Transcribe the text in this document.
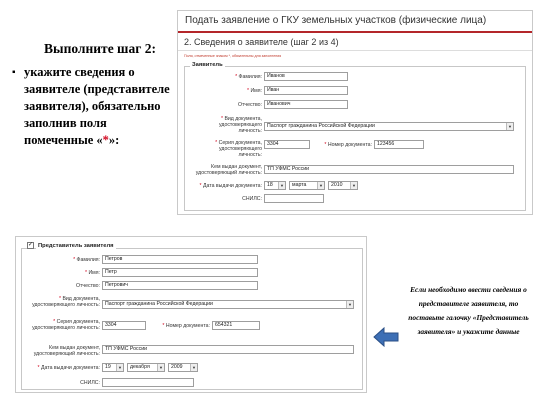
Выполните шаг 2:
▪ укажите сведения о заявителе (представителе заявителя), обязательно заполнив поля помеченные «*»:
Подать заявление о ГКУ земельных участков (физические лица)
2. Сведения о заявителе (шаг 2 из 4)
Поля, отмеченные знаком *, обязательны для заполнения
Заявитель
* Фамилия: Иванов
* Имя: Иван
Отчество: Иванович
* Вид документа, удостоверяющего личность:
Паспорт гражданина Российской Федерации	▼
* Серия документа, удостоверяющего личность:
3304	* Номер документа: 123456
Кем выдан документ, удостоверяющий личность:
ТП УФМС России
* Дата выдачи документа: 18	▼	марта	▼	2010	▼
СНИЛС:
✓ Представитель заявителя
* Фамилия: Петров
* Имя: Петр
Отчество: Петрович
* Вид документа, удостоверяющего личность: Паспорт гражданина Российской Федерации	▼
* Серия документа, удостоверяющего личность: 3304	* Номер документа: 654321
Кем выдан документ, удостоверяющий личность:
ТП УФМС России
* Дата выдачи документа: 19	▼	декабря	▼	2009	▼
СНИЛС:
Если необходимо ввести сведения о представителе заявителя, то поставьте галочку «Представитель заявителя» и укажите данные
